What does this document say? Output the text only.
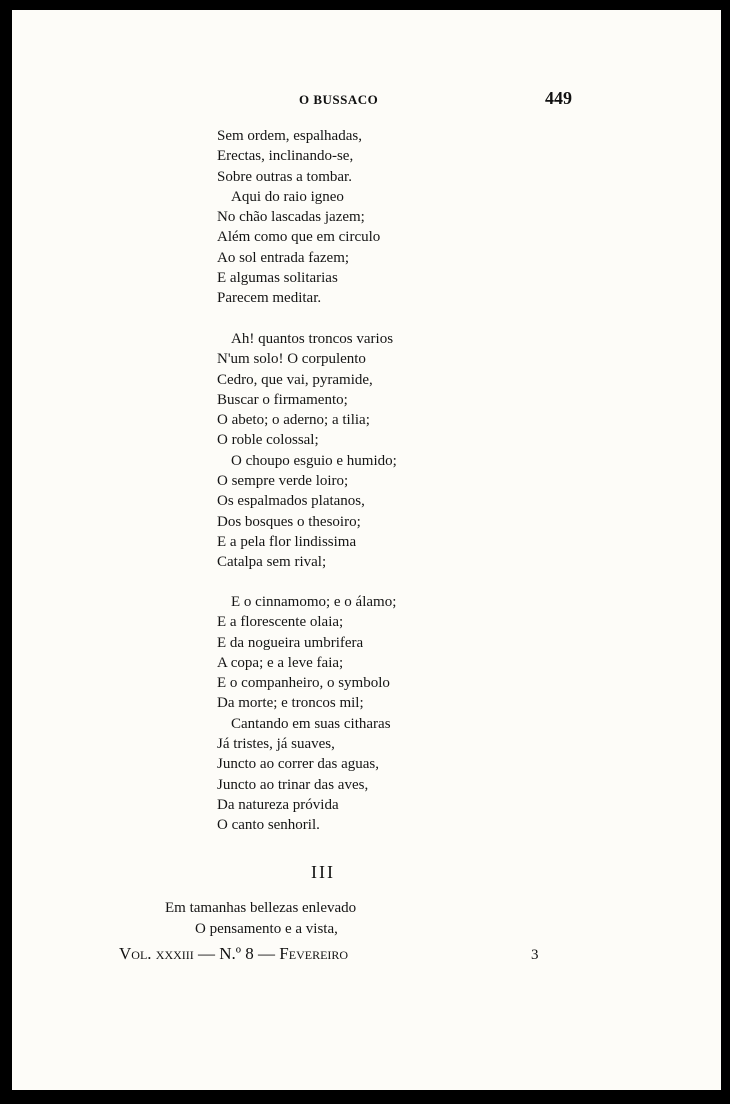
O BUSSACO	449
Sem ordem, espalhadas,
Erectas, inclinando-se,
Sobre outras a tombar.
Aqui do raio igneo
No chão lascadas jazem;
Além como que em circulo
Ao sol entrada fazem;
E algumas solitarias
Parecem meditar.
Ah! quantos troncos varios
N'um solo! O corpulento
Cedro, que vai, pyramide,
Buscar o firmamento;
O abeto; o aderno; a tilia;
O roble colossal;
O choupo esguio e humido;
O sempre verde loiro;
Os espalmados platanos,
Dos bosques o thesoiro;
E a pela flor lindissima
Catalpa sem rival;
E o cinnamomo; e o álamo;
E a florescente olaia;
E da nogueira umbrifera
A copa; e a leve faia;
E o companheiro, o symbolo
Da morte; e troncos mil;
Cantando em suas citharas
Já tristes, já suaves,
Juncto ao correr das aguas,
Juncto ao trinar das aves,
Da natureza próvida
O canto senhoril.
III
Em tamanhas bellezas enlevado
O pensamento e a vista,
Vol. xxxiii — N.º 8 — Fevereiro	3
